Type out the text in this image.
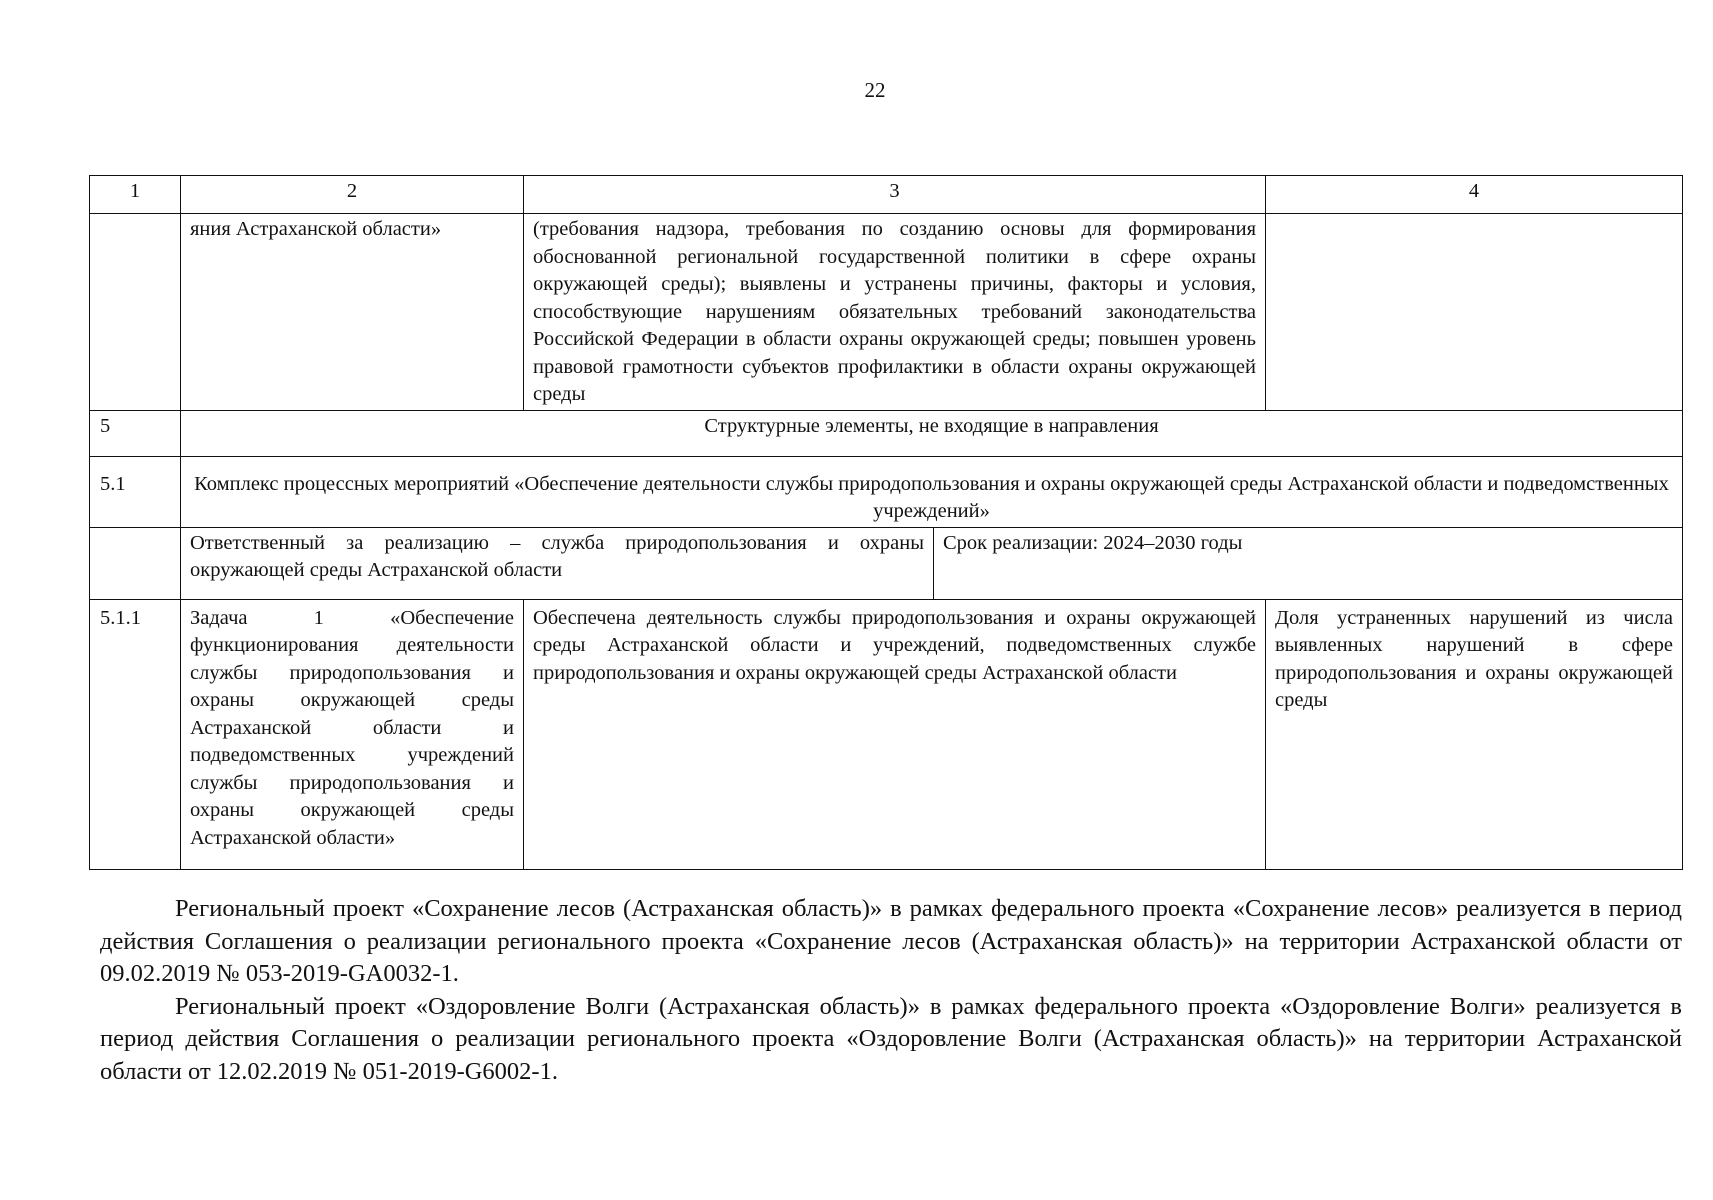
22
1	2	3		4
	яния Астраханской области»	(требования надзора, требования по созданию основы для формирования обоснованной региональной государственной политики в сфере охраны окружающей среды); выявлены и устранены причины, факторы и условия, способствующие нарушениям обязательных требований законодательства Российской Федерации в области охраны окружающей среды; повышен уровень правовой грамотности субъектов профилактики в области охраны окружающей среды		
5	Структурные элементы, не входящие в направления			
5.1	Комплекс процессных мероприятий «Обеспечение деятельности службы природопользования и охраны окружающей среды Астраханской области и подведомственных учреждений»			
	Ответственный за реализацию – служба природопользования и охраны окружающей среды Астраханской области		Срок реализации: 2024–2030 годы	
5.1.1	Задача 1 «Обеспечение функционирования деятельности службы природопользования и охраны окружающей среды Астраханской области и подведомственных учреждений службы природопользования и охраны окружающей среды Астраханской области»	Обеспечена деятельность службы природопользования и охраны окружающей среды Астраханской области и учреждений, подведомственных службе природопользования и охраны окружающей среды Астраханской области		Доля устраненных нарушений из числа выявленных нарушений в сфере природопользования и охраны окружающей среды

Региональный проект «Сохранение лесов (Астраханская область)» в рамках федерального проекта «Сохранение лесов» реализуется в период действия Соглашения о реализации регионального проекта «Сохранение лесов (Астраханская область)» на территории Астраханской области от 09.02.2019 № 053-2019-GA0032-1.

Региональный проект «Оздоровление Волги (Астраханская область)» в рамках федерального проекта «Оздоровление Волги» реализуется в период действия Соглашения о реализации регионального проекта «Оздоровление Волги (Астраханская область)» на территории Астраханской области от 12.02.2019 № 051-2019-G6002-1.
